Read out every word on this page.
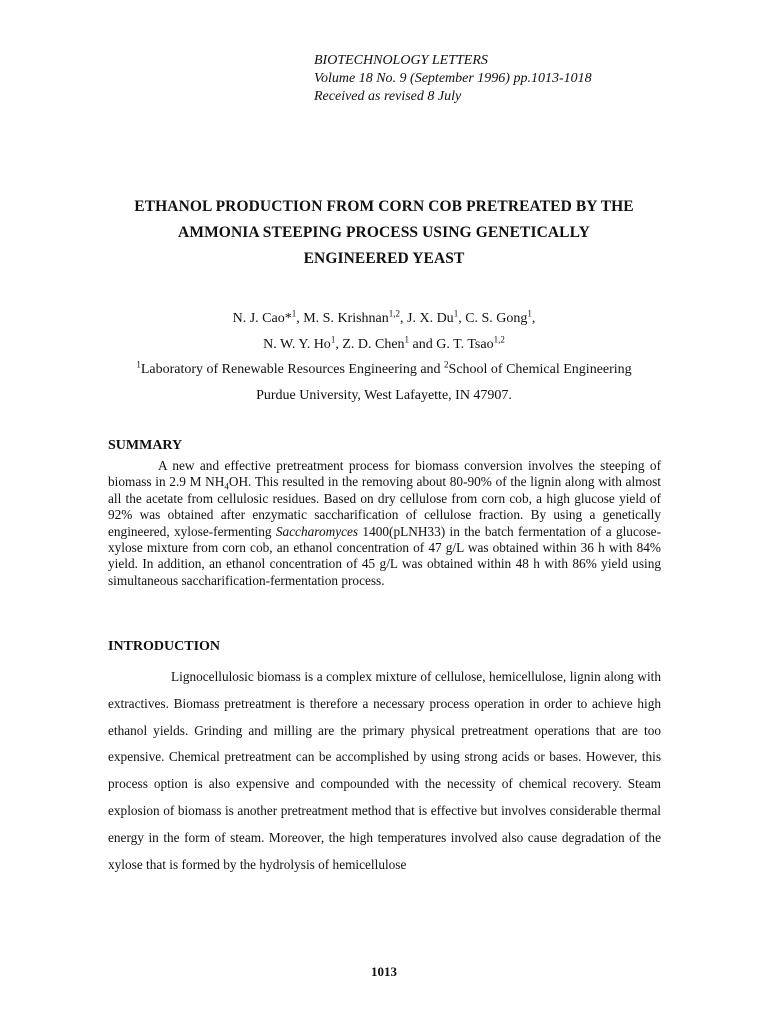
BIOTECHNOLOGY LETTERS
Volume 18 No. 9 (September 1996) pp.1013-1018
Received as revised 8 July
ETHANOL PRODUCTION FROM CORN COB PRETREATED BY THE
AMMONIA STEEPING PROCESS USING GENETICALLY
ENGINEERED YEAST
N. J. Cao*$^1$, M. S. Krishnan$^{1,2}$, J. X. Du$^1$, C. S. Gong$^1$,
N. W. Y. Ho$^1$, Z. D. Chen$^1$ and G. T. Tsao$^{1,2}$
$^1$Laboratory of Renewable Resources Engineering and $^2$School of Chemical Engineering
Purdue University, West Lafayette, IN 47907.
SUMMARY
A new and effective pretreatment process for biomass conversion involves the steeping of biomass in 2.9 M $NH_4OH$. This resulted in the removing about 80-90% of the lignin along with almost all the acetate from cellulosic residues. Based on dry cellulose from corn cob, a high glucose yield of 92% was obtained after enzymatic saccharification of cellulose fraction. By using a genetically engineered, xylose-fermenting Saccharomyces 1400(pLNH33) in the batch fermentation of a glucose-xylose mixture from corn cob, an ethanol concentration of 47 g/L was obtained within 36 h with 84% yield. In addition, an ethanol concentration of 45 g/L was obtained within 48 h with 86% yield using simultaneous saccharification-fermentation process.
INTRODUCTION
Lignocellulosic biomass is a complex mixture of cellulose, hemicellulose, lignin along with extractives. Biomass pretreatment is therefore a necessary process operation in order to achieve high ethanol yields. Grinding and milling are the primary physical pretreatment operations that are too expensive. Chemical pretreatment can be accomplished by using strong acids or bases. However, this process option is also expensive and compounded with the necessity of chemical recovery. Steam explosion of biomass is another pretreatment method that is effective but involves considerable thermal energy in the form of steam. Moreover, the high temperatures involved also cause degradation of the xylose that is formed by the hydrolysis of hemicellulose
1013
